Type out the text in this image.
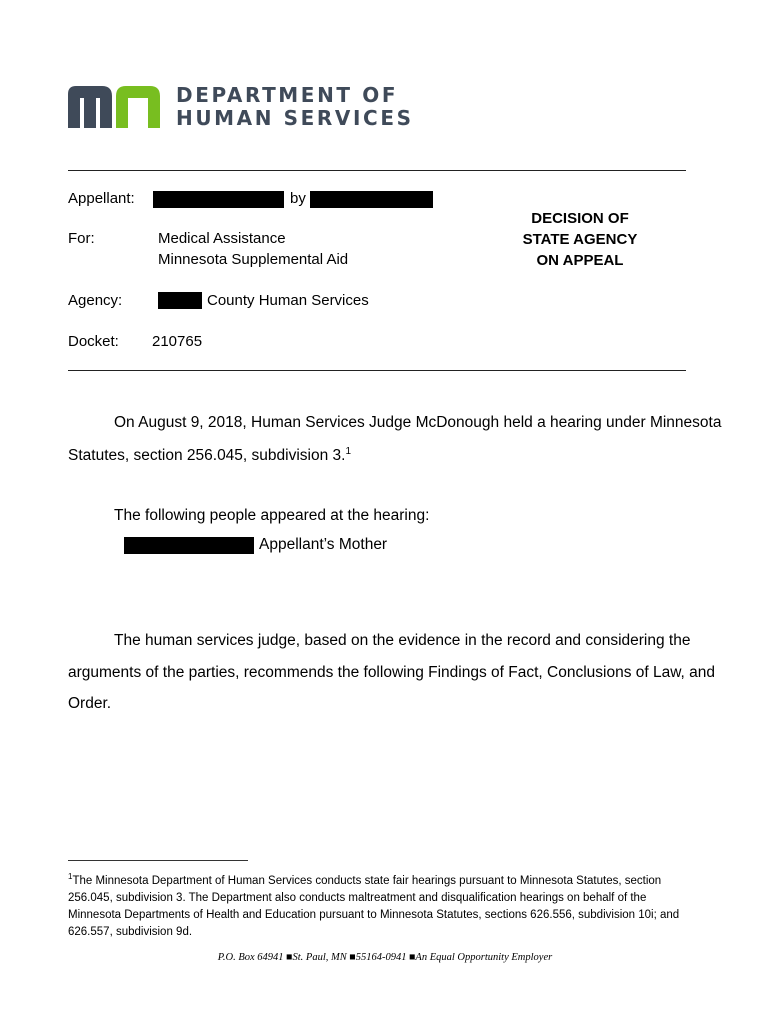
DEPARTMENT OF
HUMAN SERVICES
Appellant:	by
For:	Medical Assistance
Minnesota Supplemental Aid
DECISION OF
STATE AGENCY
ON APPEAL
Agency:	County Human Services
Docket: 210765
On August 9, 2018, Human Services Judge McDonough held a hearing under Minnesota
Statutes, section 256.045, subdivision 3.$^1$
The following people appeared at the hearing:
Appellant’s Mother
The human services judge, based on the evidence in the record and considering the
arguments of the parties, recommends the following Findings of Fact, Conclusions of Law, and
Order.
$^1$The Minnesota Department of Human Services conducts state fair hearings pursuant to Minnesota Statutes, section
256.045, subdivision 3. The Department also conducts maltreatment and disqualification hearings on behalf of the
Minnesota Departments of Health and Education pursuant to Minnesota Statutes, sections 626.556, subdivision 10i; and
626.557, subdivision 9d.
P.O. Box 64941 ■St. Paul, MN ■55164-0941 ■An Equal Opportunity Employer
